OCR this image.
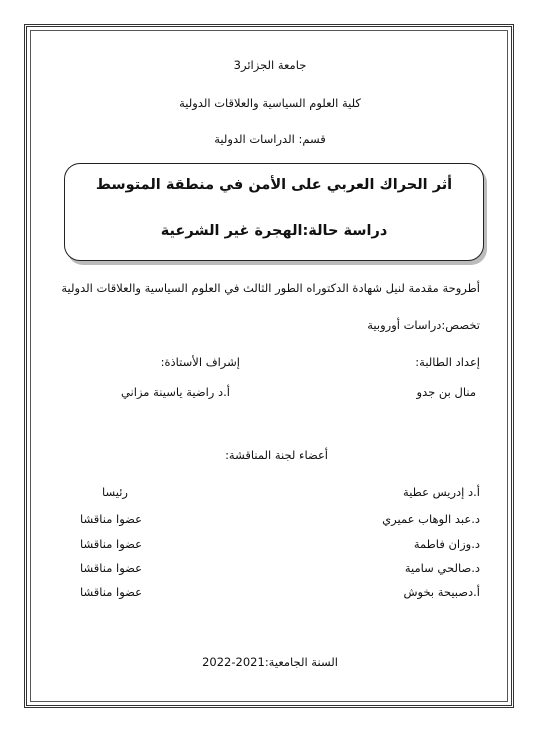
جامعة الجزائر3
كلية العلوم السياسية والعلاقات الدولية
قسم: الدراسات الدولية
أثر الحراك العربي على الأمن في منطقة المتوسط
دراسة حالة:الهجرة غير الشرعية
أطروحة مقدمة لنيل شهادة الدكتوراه الطور الثالث في العلوم السياسية والعلاقات الدولية
تخصص:دراسات أوروبية
إعداد الطالبة:
إشراف الأستاذة:
منال بن جدو
أ.د راضية ياسينة مزاني
أعضاء لجنة المناقشة:
أ.د إدريس عطية
رئيسا
د.عبد الوهاب عميري
عضوا مناقشا
د.وزان فاطمة
عضوا مناقشا
د.صالحي سامية
عضوا مناقشا
أ.دصبيحة بخوش
عضوا مناقشا
السنة الجامعية:2021-2022
